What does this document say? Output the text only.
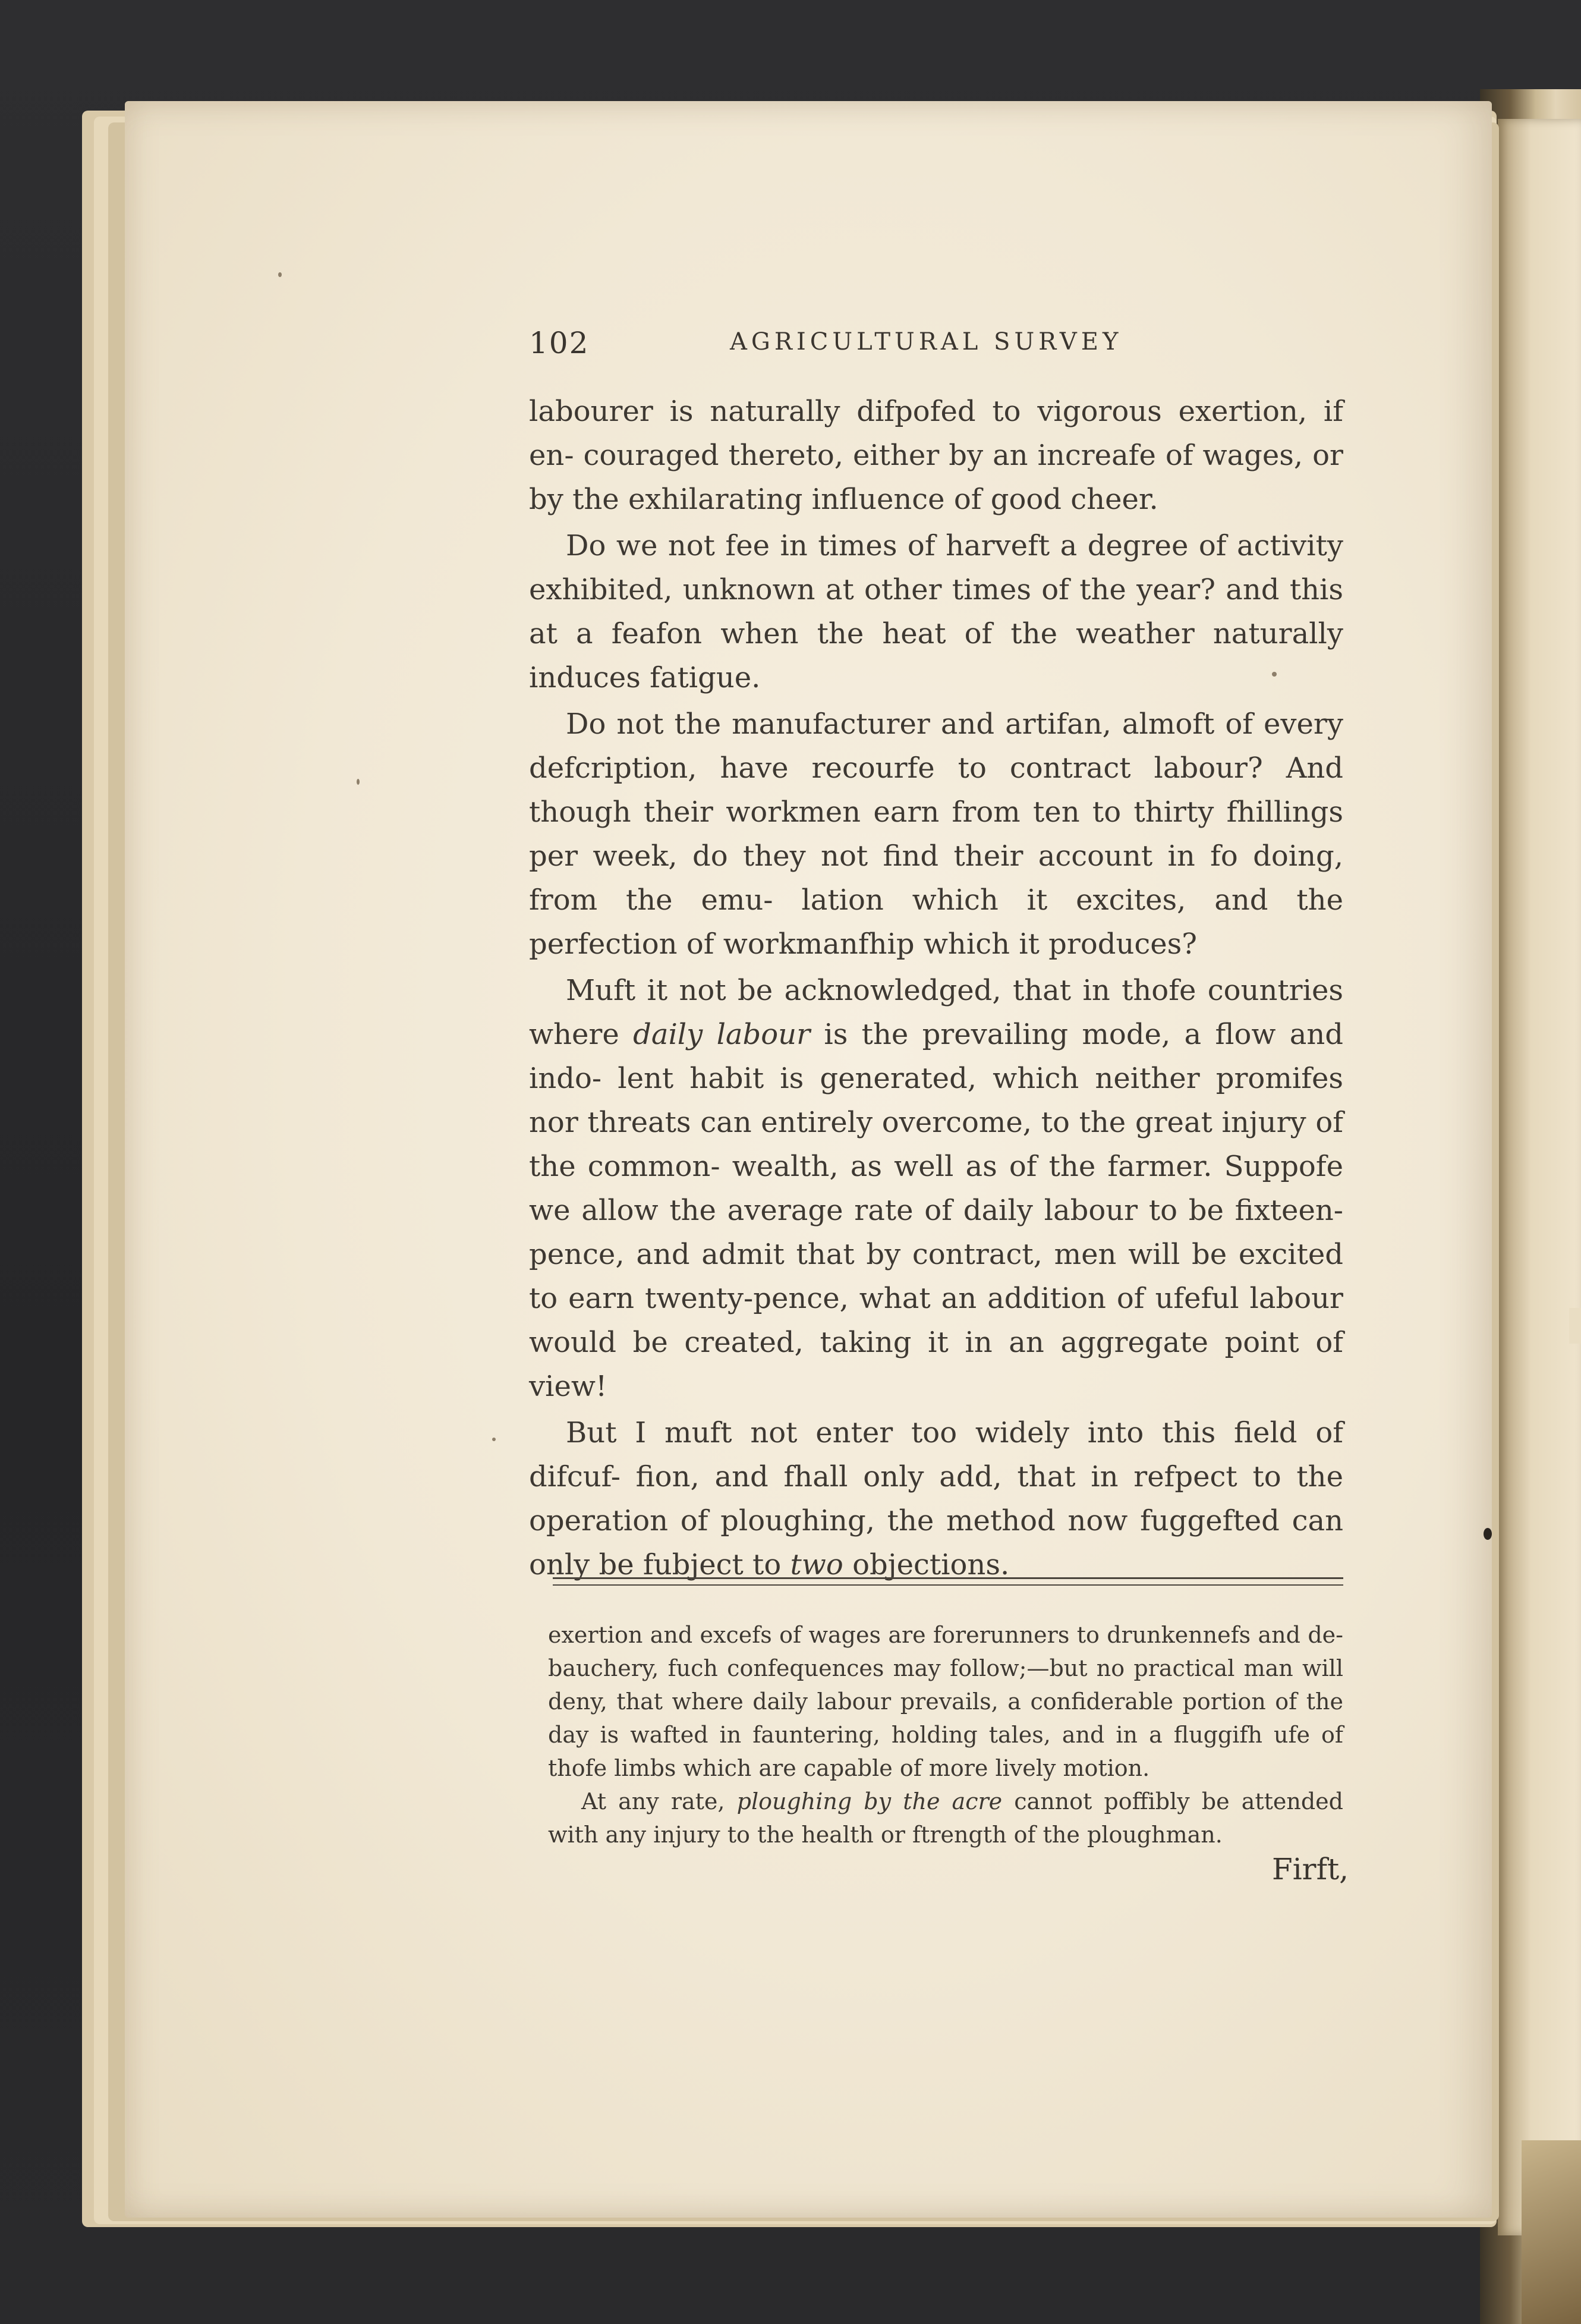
102	AGRICULTURAL SURVEY

labourer is naturally difpofed to vigorous exertion, if en- couraged thereto, either by an increafe of wages, or by the exhilarating influence of good cheer.

Do we not fee in times of harveft a degree of activity exhibited, unknown at other times of the year? and this at a feafon when the heat of the weather naturally induces fatigue.

Do not the manufacturer and artifan, almoft of every defcription, have recourfe to contract labour? And though their workmen earn from ten to thirty fhillings per week, do they not find their account in fo doing, from the emu- lation which it excites, and the perfection of workmanfhip which it produces?

Muft it not be acknowledged, that in thofe countries where daily labour is the prevailing mode, a flow and indo- lent habit is generated, which neither promifes nor threats can entirely overcome, to the great injury of the common- wealth, as well as of the farmer. Suppofe we allow the average rate of daily labour to be fixteen-pence, and admit that by contract, men will be excited to earn twenty-pence, what an addition of ufeful labour would be created, taking it in an aggregate point of view!

But I muft not enter too widely into this field of difcuf- fion, and fhall only add, that in refpect to the operation of ploughing, the method now fuggefted can only be fubject to two objections.

exertion and excefs of wages are forerunners to drunkennefs and de- bauchery, fuch confequences may follow;—but no practical man will deny, that where daily labour prevails, a confiderable portion of the day is wafted in fauntering, holding tales, and in a fluggifh ufe of thofe limbs which are capable of more lively motion.

At any rate, ploughing by the acre cannot poffibly be attended with any injury to the health or ftrength of the ploughman.

Firft,
